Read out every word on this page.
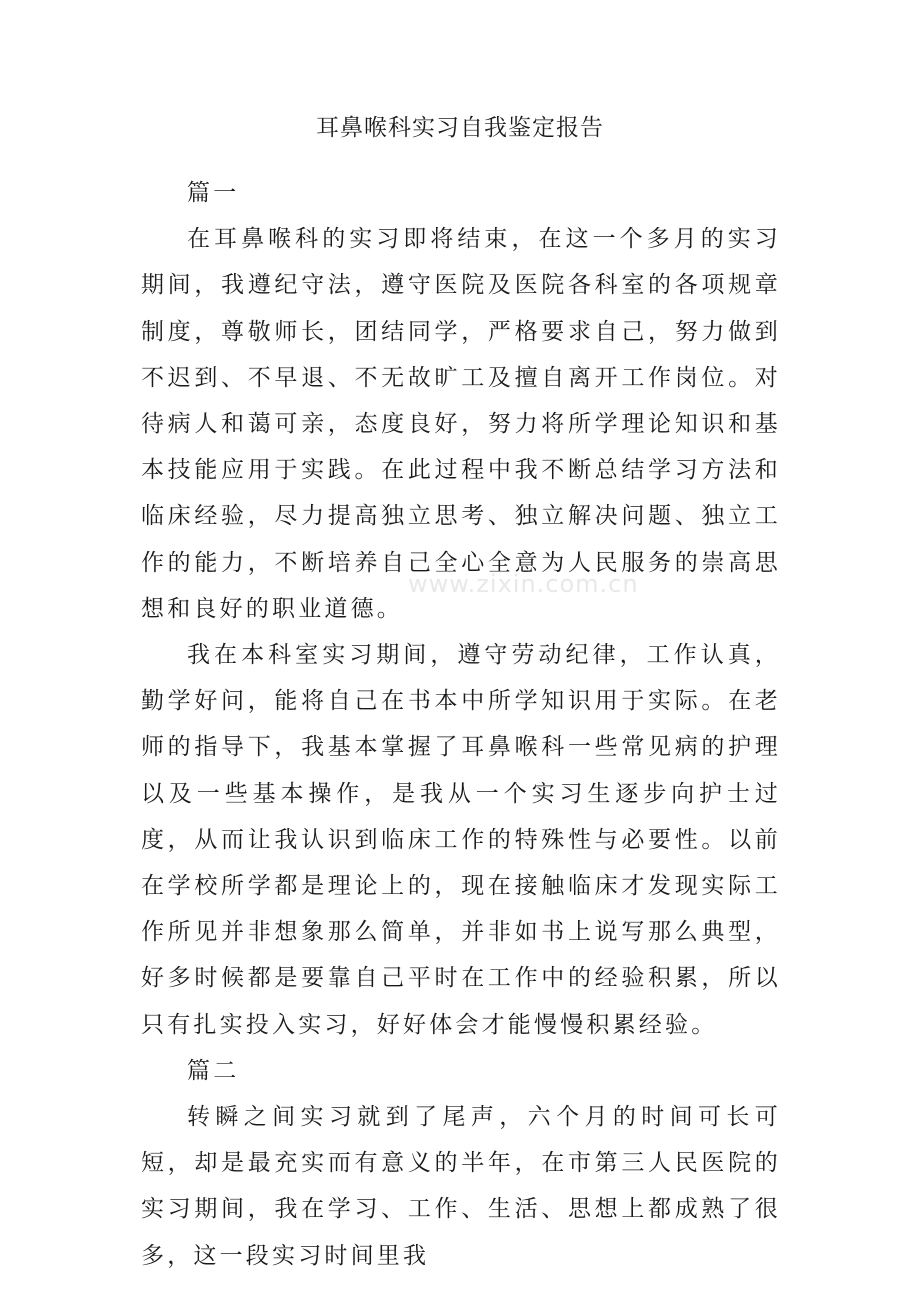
耳鼻喉科实习自我鉴定报告
www.zixin.com.cn

篇一

在耳鼻喉科的实习即将结束，在这一个多月的实习期间，我遵纪守法，遵守医院及医院各科室的各项规章制度，尊敬师长，团结同学，严格要求自己，努力做到不迟到、不早退、不无故旷工及擅自离开工作岗位。对待病人和蔼可亲，态度良好，努力将所学理论知识和基本技能应用于实践。在此过程中我不断总结学习方法和临床经验，尽力提高独立思考、独立解决问题、独立工作的能力，不断培养自己全心全意为人民服务的崇高思想和良好的职业道德。

我在本科室实习期间，遵守劳动纪律，工作认真，勤学好问，能将自己在书本中所学知识用于实际。在老师的指导下，我基本掌握了耳鼻喉科一些常见病的护理以及一些基本操作，是我从一个实习生逐步向护士过度，从而让我认识到临床工作的特殊性与必要性。以前在学校所学都是理论上的，现在接触临床才发现实际工作所见并非想象那么简单，并非如书上说写那么典型，好多时候都是要靠自己平时在工作中的经验积累，所以只有扎实投入实习，好好体会才能慢慢积累经验。

篇二

转瞬之间实习就到了尾声，六个月的时间可长可短，却是最充实而有意义的半年，在市第三人民医院的实习期间，我在学习、工作、生活、思想上都成熟了很多，这一段实习时间里我
